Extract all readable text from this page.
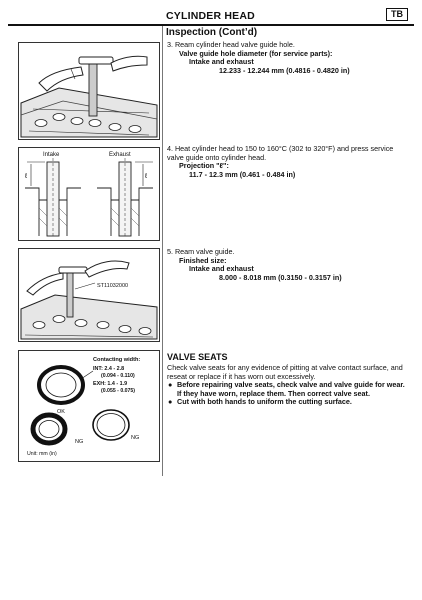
CYLINDER HEAD	TB
Inspection (Cont’d)
3. Ream cylinder head valve guide hole.
Valve guide hole diameter (for service parts):
Intake and exhaust
12.233 - 12.244 mm (0.4816 - 0.4820 in)
Intake	Exhaust
ℓ	ℓ
4. Heat cylinder head to 150 to 160°C (302 to 320°F) and press service valve guide onto cylinder head.
Projection "ℓ":
11.7 - 12.3 mm (0.461 - 0.484 in)
ST11032000
5. Ream valve guide.
Finished size:
Intake and exhaust
8.000 - 8.018 mm (0.3150 - 0.3157 in)
Contacting width:
INT: 2.4 - 2.8
(0.094 - 0.110)
EXH: 1.4 - 1.9
(0.055 - 0.075)
OK
NG
NG
Unit: mm (in)
VALVE SEATS
Check valve seats for any evidence of pitting at valve contact surface, and reseat or replace if it has worn out excessively.
● Before repairing valve seats, check valve and valve guide for wear. If they have worn, replace them. Then correct valve seat.
● Cut with both hands to uniform the cutting surface.
